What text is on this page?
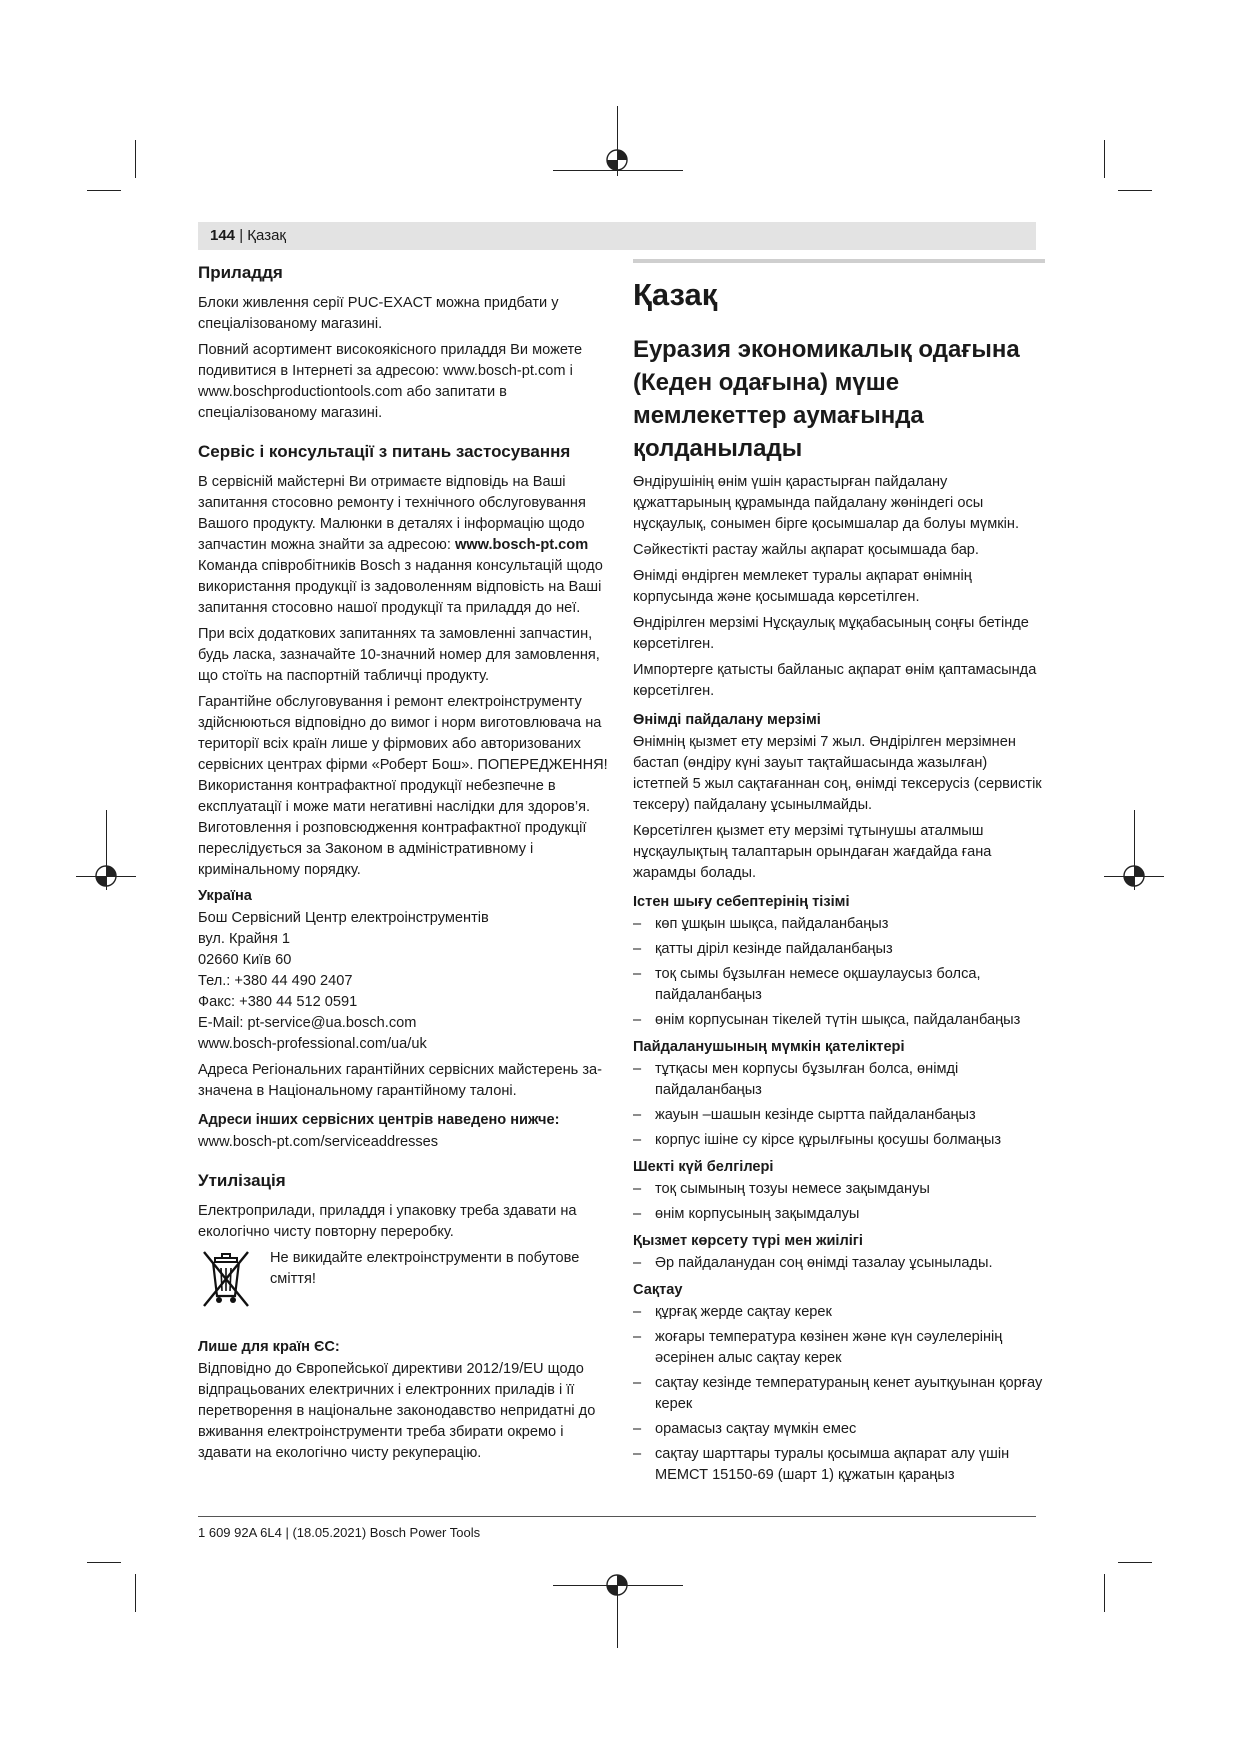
144 | Қазақ
Приладдя

Блоки живлення серії PUC-EXACT можна придбати у спеціалізованому магазині.

Повний асортимент високоякісного приладдя Ви можете подивитися в Інтернеті за адресою: www.bosch-pt.com і www.boschproductiontools.com або запитати в спеціалізованому магазині.

Сервіс і консультації з питань застосування

В сервісній майстерні Ви отримаєте відповідь на Ваші запитання стосовно ремонту і технічного обслуговування Вашого продукту. Малюнки в деталях і інформацію щодо запчастин можна знайти за адресою: www.bosch-pt.com

Команда співробітників Bosch з надання консультацій щодо використання продукції із задоволенням відповість на Ваші запитання стосовно нашої продукції та приладдя до неї.

При всіх додаткових запитаннях та замовленні запчастин, будь ласка, зазначайте 10-значний номер для замовлення, що стоїть на паспортній табличці продукту.

Гарантійне обслуговування і ремонт електроінструменту здійснюються відповідно до вимог і норм виготовлювача на території всіх країн лише у фірмових або авторизованих сервісних центрах фірми «Роберт Бош». ПОПЕРЕДЖЕННЯ! Використання контрафактної продукції небезпечне в експлуатації і може мати негативні наслідки для здоров’я. Виготовлення і розповсюдження контрафактної продукції переслідується за Законом в адміністративному і кримінальному порядку.

Україна
Бош Сервісний Центр електроінструментів
вул. Крайня 1
02660 Київ 60
Тел.: +380 44 490 2407
Факс: +380 44 512 0591
E-Mail: pt-service@ua.bosch.com
www.bosch-professional.com/ua/uk

Адреса Регіональних гарантійних сервісних майстерень за- значена в Національному гарантійному талоні.

Адреси інших сервісних центрів наведено нижче:

www.bosch-pt.com/serviceaddresses

Утилізація

Електроприлади, приладдя і упаковку треба здавати на екологічно чисту повторну переробку.

Не викидайте електроінструменти в побутове сміття!
Лише для країн ЄС:

Відповідно до Європейської директиви 2012/19/EU щодо відпрацьованих електричних і електронних приладів і її перетворення в національне законодавство непридатні до вживання електроінструменти треба збирати окремо і здавати на екологічно чисту рекуперацію.

Қазақ
Еуразия экономикалық одағына (Кеден одағына) мүше мемлекеттер аумағында қолданылады

Өндірушінің өнім үшін қарастырған пайдалану құжаттарының құрамында пайдалану жөніндегі осы нұсқаулық, сонымен бірге қосымшалар да болуы мүмкін.

Сәйкестікті растау жайлы ақпарат қосымшада бар.

Өнімді өндірген мемлекет туралы ақпарат өнімнің корпусында және қосымшада көрсетілген.

Өндірілген мерзімі Нұсқаулық мұқабасының соңғы бетінде көрсетілген.

Импортерге қатысты байланыс ақпарат өнім қаптамасында көрсетілген.

Өнімді пайдалану мерзімі

Өнімнің қызмет ету мерзімі 7 жыл. Өндірілген мерзімнен бастап (өндіру күні зауыт тақтайшасында жазылған) істетпей 5 жыл сақтағаннан соң, өнімді тексерусіз (сервистік тексеру) пайдалану ұсынылмайды.

Көрсетілген қызмет ету мерзімі тұтынушы аталмыш нұсқаулықтың талаптарын орындаған жағдайда ғана жарамды болады.

Істен шығу себептерінің тізімі
– көп ұшқын шықса, пайдаланбаңыз
– қатты діріл кезінде пайдаланбаңыз
– тоқ сымы бұзылған немесе оқшаулаусыз болса, пайдаланбаңыз
– өнім корпусынан тікелей түтін шықса, пайдаланбаңыз
Пайдаланушының мүмкін қателіктері
– тұтқасы мен корпусы бұзылған болса, өнімді пайдаланбаңыз
– жауын –шашын кезінде сыртта пайдаланбаңыз
– корпус ішіне су кірсе құрылғыны қосушы болмаңыз
Шекті күй белгілері
– тоқ сымының тозуы немесе зақымдануы
– өнім корпусының зақымдалуы
Қызмет көрсету түрі мен жиілігі
– Әр пайдаланудан соң өнімді тазалау ұсынылады.
Сақтау
– құрғақ жерде сақтау керек
– жоғары температура көзінен және күн сәулелерінің әсерінен алыс сақтау керек
– сақтау кезінде температураның кенет ауытқуынан қорғау керек
– орамасыз сақтау мүмкін емес
– сақтау шарттары туралы қосымша ақпарат алу үшін МЕМСТ 15150-69 (шарт 1) құжатын қараңыз
1 609 92A 6L4 | (18.05.2021) Bosch Power Tools
